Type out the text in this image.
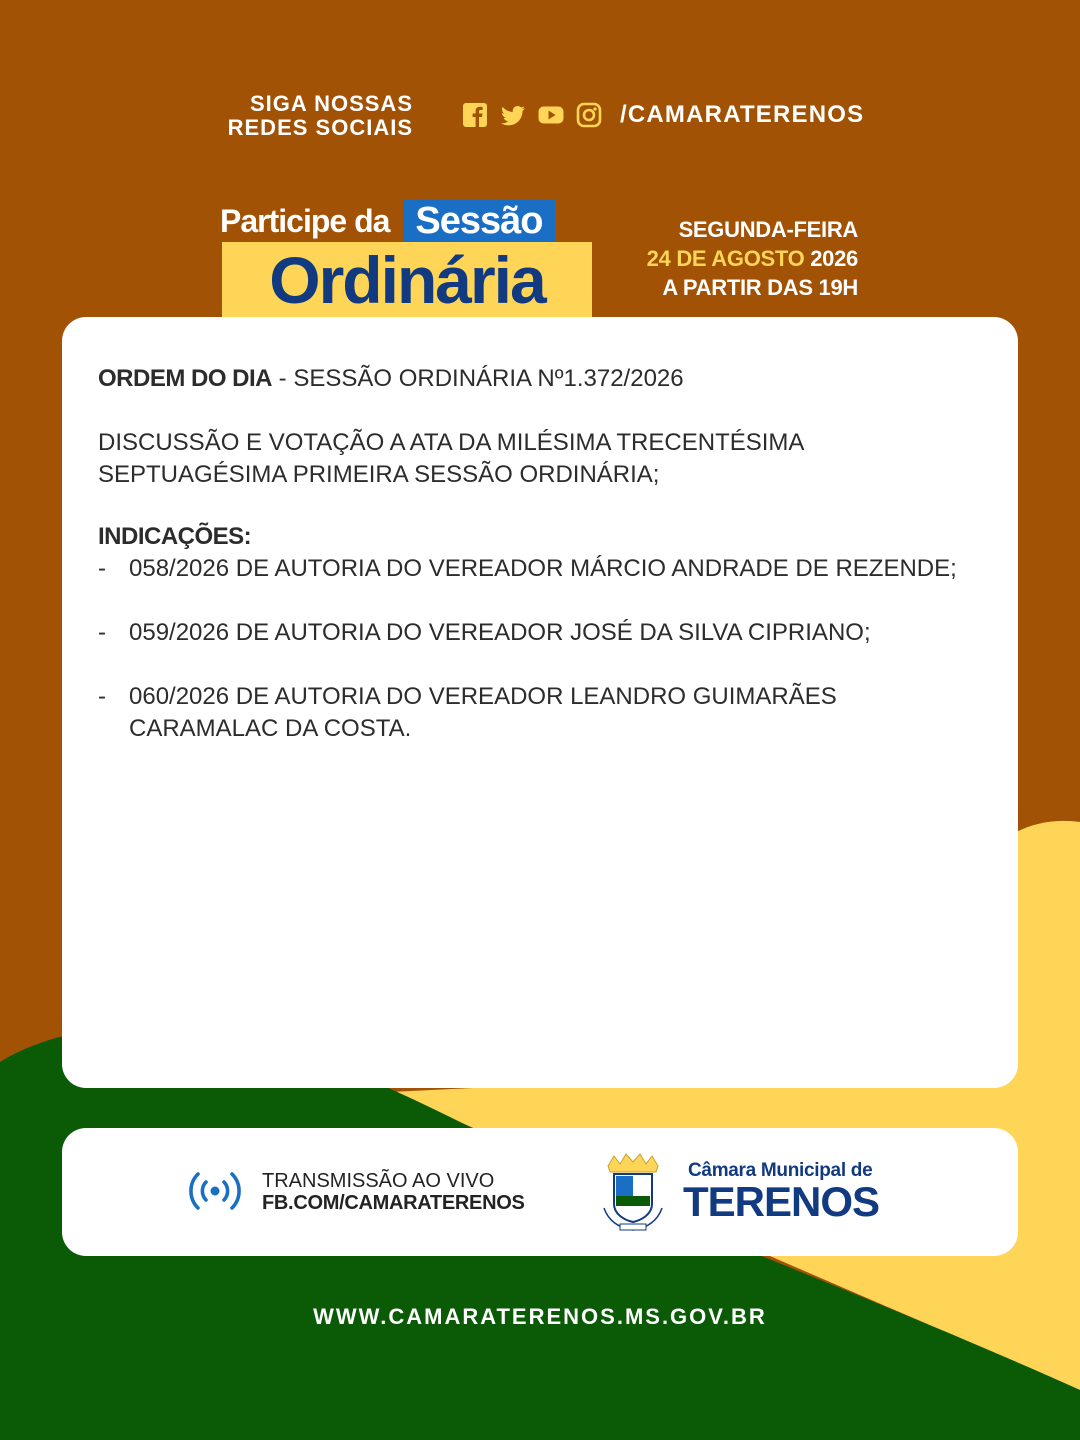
SIGA NOSSAS
REDES SOCIAIS	/CAMARATERENOS
Participe da Sessão
Ordinária
SEGUNDA-FEIRA
24 DE AGOSTO 2026
A PARTIR DAS 19H
ORDEM DO DIA - SESSÃO ORDINÁRIA Nº1.372/2026
DISCUSSÃO E VOTAÇÃO A ATA DA MILÉSIMA TRECENTÉSIMA
SEPTUAGÉSIMA PRIMEIRA SESSÃO ORDINÁRIA;
INDICAÇÕES:
- 058/2026 DE AUTORIA DO VEREADOR MÁRCIO ANDRADE DE REZENDE;
- 059/2026 DE AUTORIA DO VEREADOR JOSÉ DA SILVA CIPRIANO;
- 060/2026 DE AUTORIA DO VEREADOR LEANDRO GUIMARÃES
CARAMALAC DA COSTA.
TRANSMISSÃO AO VIVO
FB.COM/CAMARATERENOS
Câmara Municipal de
TERENOS
WWW.CAMARATERENOS.MS.GOV.BR
